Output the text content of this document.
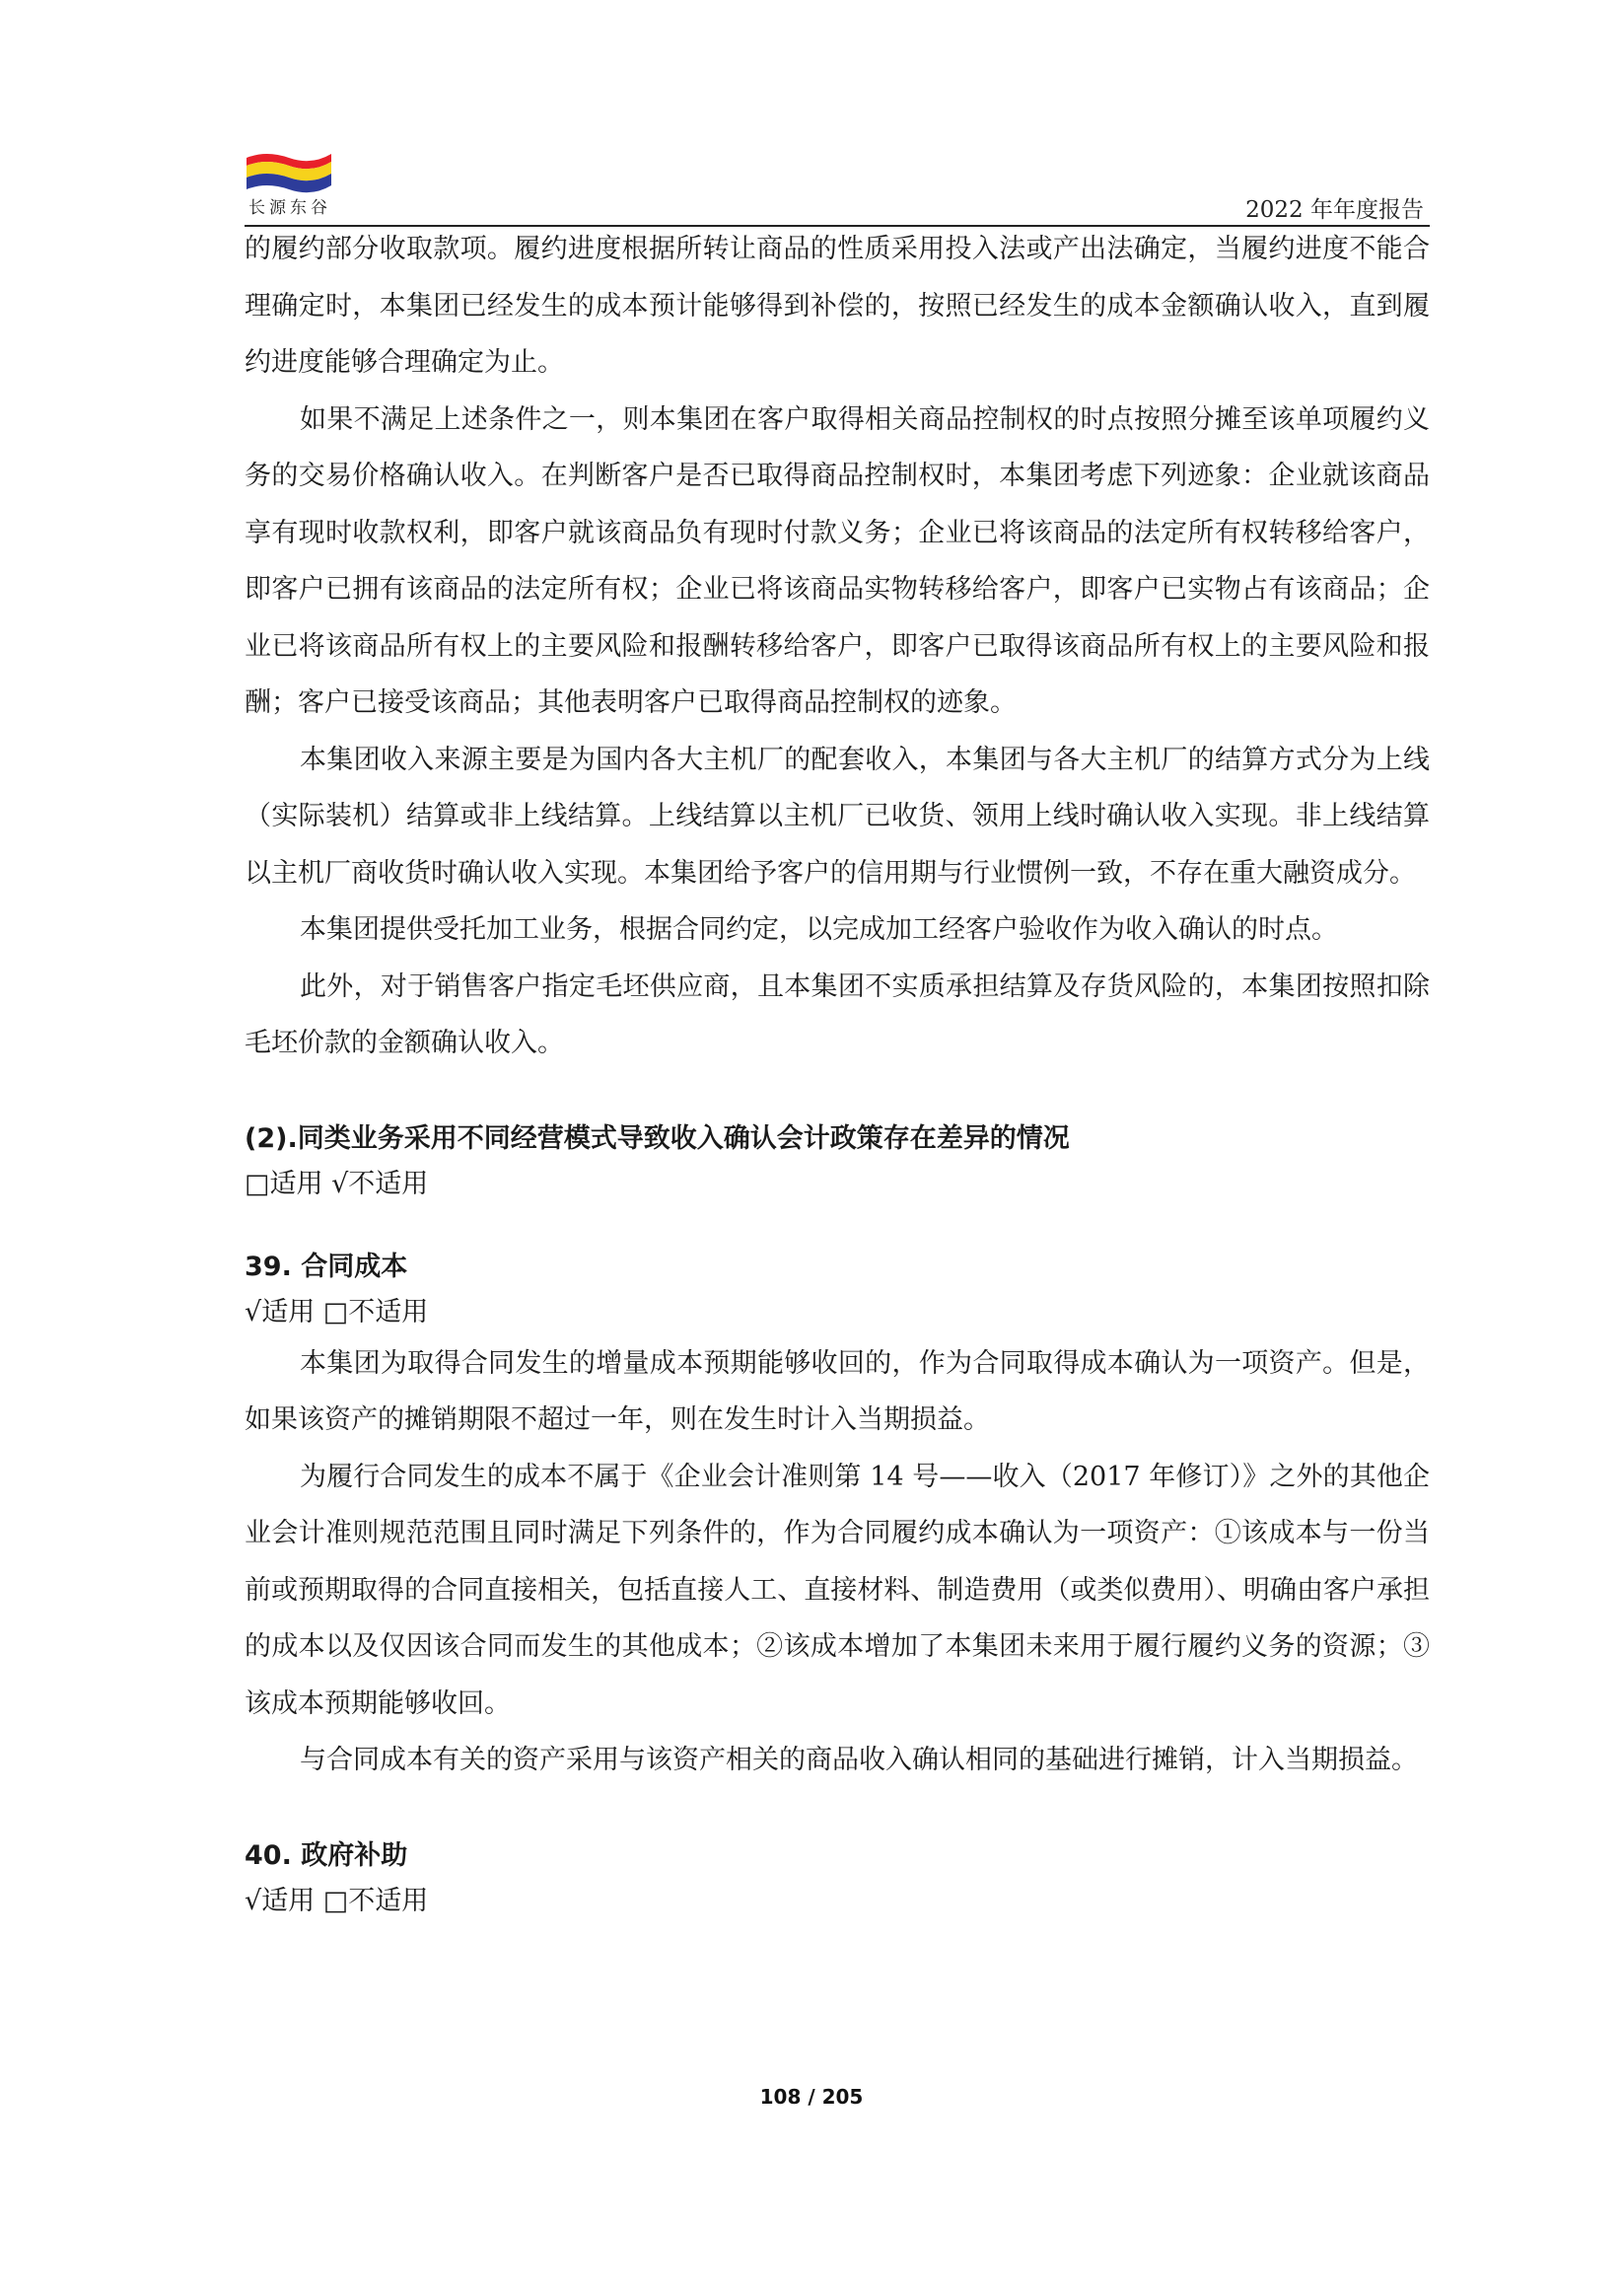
长源东谷	2022 年年度报告

的履约部分收取款项。履约进度根据所转让商品的性质采用投入法或产出法确定，当履约进度不能合理确定时，本集团已经发生的成本预计能够得到补偿的，按照已经发生的成本金额确认收入，直到履约进度能够合理确定为止。

如果不满足上述条件之一，则本集团在客户取得相关商品控制权的时点按照分摊至该单项履约义务的交易价格确认收入。在判断客户是否已取得商品控制权时，本集团考虑下列迹象：企业就该商品享有现时收款权利，即客户就该商品负有现时付款义务；企业已将该商品的法定所有权转移给客户，即客户已拥有该商品的法定所有权；企业已将该商品实物转移给客户，即客户已实物占有该商品；企业已将该商品所有权上的主要风险和报酬转移给客户，即客户已取得该商品所有权上的主要风险和报酬；客户已接受该商品；其他表明客户已取得商品控制权的迹象。

本集团收入来源主要是为国内各大主机厂的配套收入，本集团与各大主机厂的结算方式分为上线（实际装机）结算或非上线结算。上线结算以主机厂已收货、领用上线时确认收入实现。非上线结算以主机厂商收货时确认收入实现。本集团给予客户的信用期与行业惯例一致，不存在重大融资成分。

本集团提供受托加工业务，根据合同约定，以完成加工经客户验收作为收入确认的时点。

此外，对于销售客户指定毛坯供应商，且本集团不实质承担结算及存货风险的，本集团按照扣除毛坯价款的金额确认收入。

(2).同类业务采用不同经营模式导致收入确认会计政策存在差异的情况
□适用 √不适用
39. 合同成本
√适用 □不适用

本集团为取得合同发生的增量成本预期能够收回的，作为合同取得成本确认为一项资产。但是，如果该资产的摊销期限不超过一年，则在发生时计入当期损益。

为履行合同发生的成本不属于《企业会计准则第 14 号——收入（2017 年修订）》之外的其他企业会计准则规范范围且同时满足下列条件的，作为合同履约成本确认为一项资产：①该成本与一份当前或预期取得的合同直接相关，包括直接人工、直接材料、制造费用（或类似费用）、明确由客户承担的成本以及仅因该合同而发生的其他成本；②该成本增加了本集团未来用于履行履约义务的资源；③该成本预期能够收回。

与合同成本有关的资产采用与该资产相关的商品收入确认相同的基础进行摊销，计入当期损益。

40. 政府补助
√适用 □不适用
108 / 205
